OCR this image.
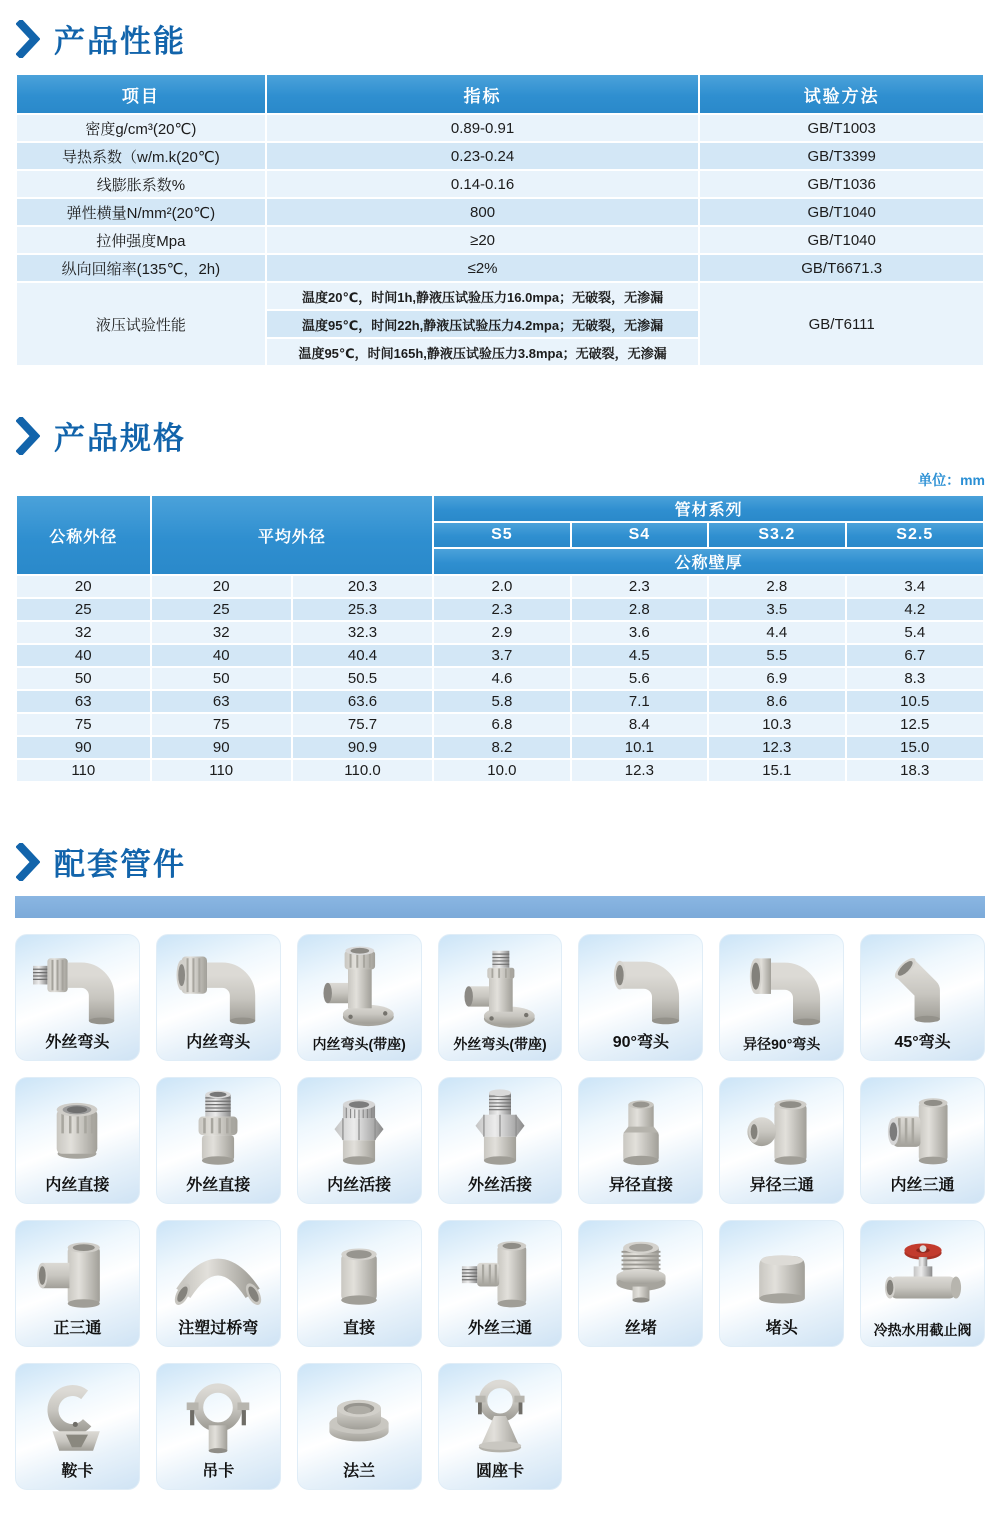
产品性能
项目	指标	试验方法
密度g/cm³(20℃)	0.89-0.91	GB/T1003
导热系数（w/m.k(20℃)	0.23-0.24	GB/T3399
线膨胀系数%	0.14-0.16	GB/T1036
弹性横量N/mm²(20℃)	800	GB/T1040
拉伸强度Mpa	≥20	GB/T1040
纵向回缩率(135℃，2h)	≤2%	GB/T6671.3
液压试验性能	温度20℃，时间1h,静液压试验压力16.0mpa；无破裂，无渗漏	GB/T6111
	温度95℃，时间22h,静液压试验压力4.2mpa；无破裂，无渗漏	
	温度95℃，时间165h,静液压试验压力3.8mpa；无破裂，无渗漏	
产品规格
单位：mm
公称外径	平均外径		管材系列			
			S5	S4	S3.2	S2.5
			公称壁厚			
20	20	20.3	2.0	2.3	2.8	3.4
25	25	25.3	2.3	2.8	3.5	4.2
32	32	32.3	2.9	3.6	4.4	5.4
40	40	40.4	3.7	4.5	5.5	6.7
50	50	50.5	4.6	5.6	6.9	8.3
63	63	63.6	5.8	7.1	8.6	10.5
75	75	75.7	6.8	8.4	10.3	12.5
90	90	90.9	8.2	10.1	12.3	15.0
110	110	110.0	10.0	12.3	15.1	18.3
配套管件
外丝弯头	内丝弯头	内丝弯头(带座)	外丝弯头(带座)	90°弯头	异径90°弯头	45°弯头
内丝直接	外丝直接	内丝活接	外丝活接	异径直接	异径三通	内丝三通
正三通	注塑过桥弯	直接	外丝三通	丝堵	堵头	冷热水用截止阀
鞍卡	吊卡	法兰	圆座卡
